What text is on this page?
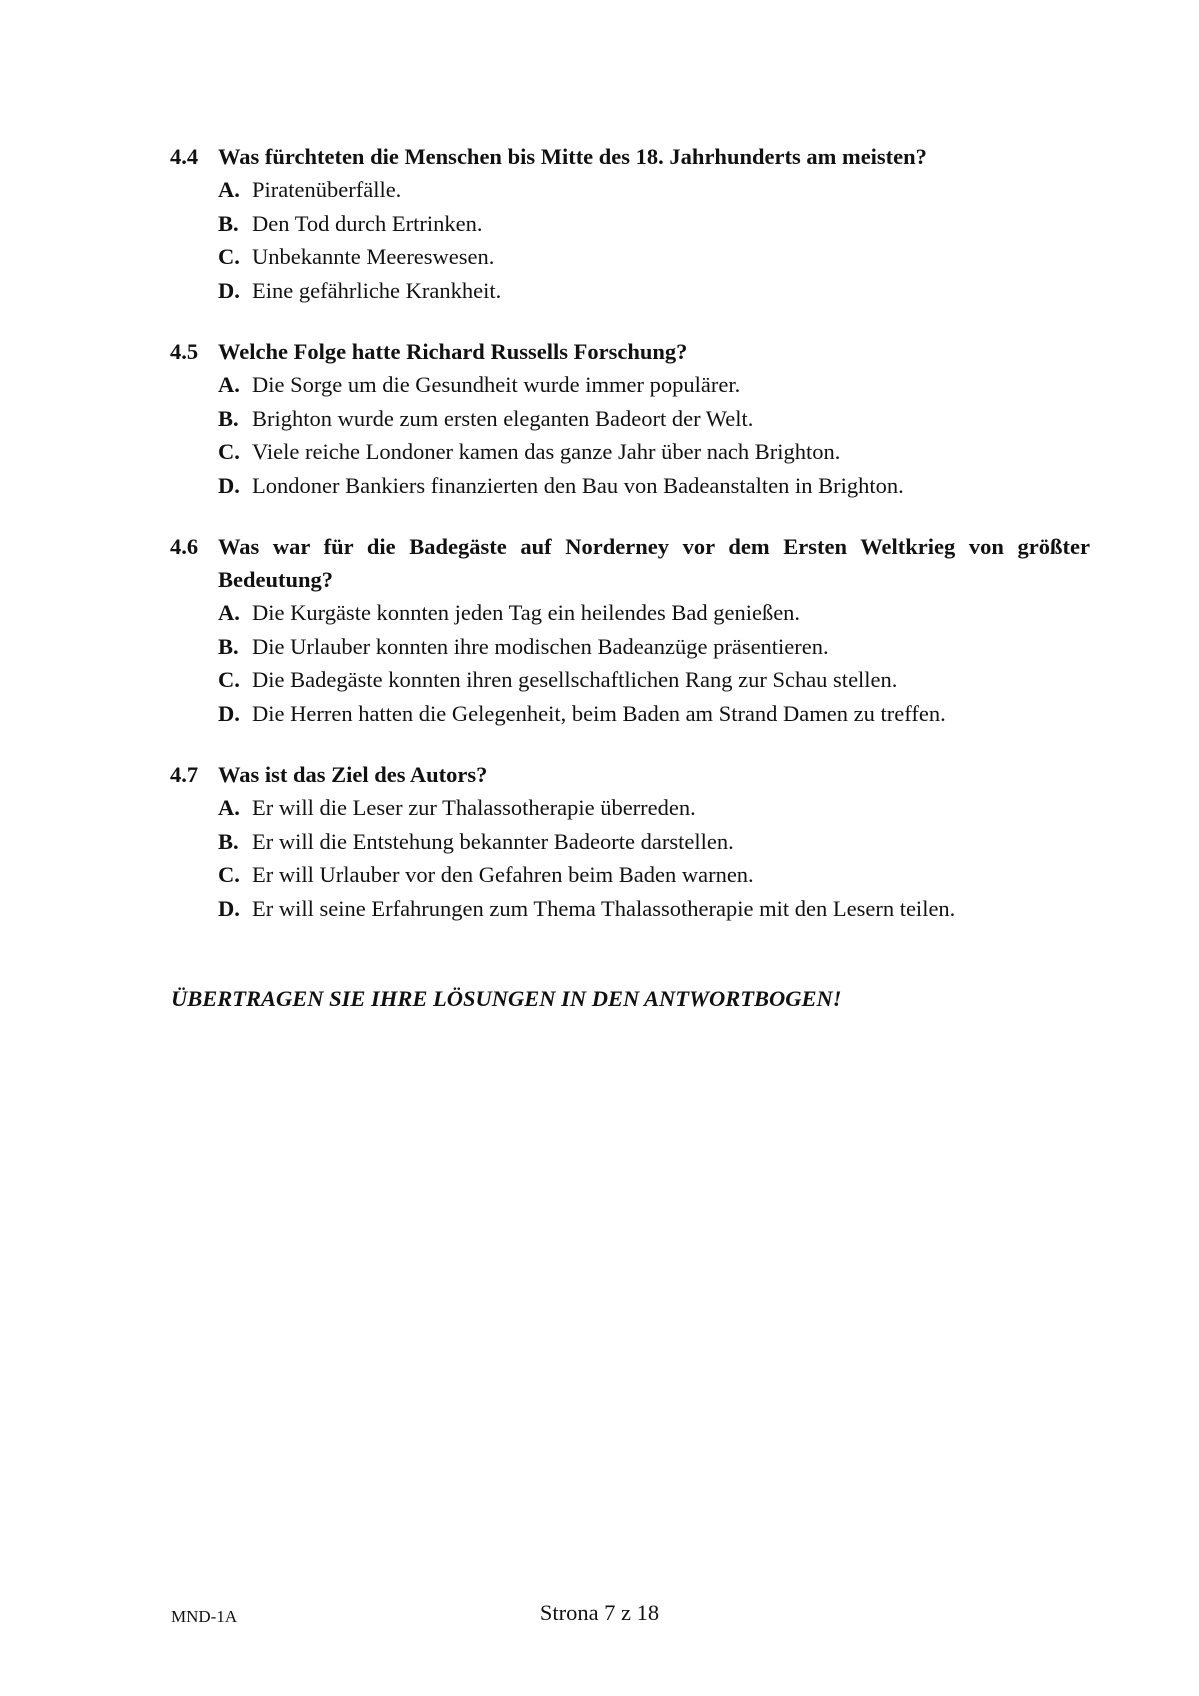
4.4 Was fürchteten die Menschen bis Mitte des 18. Jahrhunderts am meisten?
A. Piratenüberfälle.
B. Den Tod durch Ertrinken.
C. Unbekannte Meereswesen.
D. Eine gefährliche Krankheit.
4.5 Welche Folge hatte Richard Russells Forschung?
A. Die Sorge um die Gesundheit wurde immer populärer.
B. Brighton wurde zum ersten eleganten Badeort der Welt.
C. Viele reiche Londoner kamen das ganze Jahr über nach Brighton.
D. Londoner Bankiers finanzierten den Bau von Badeanstalten in Brighton.
4.6 Was war für die Badegäste auf Norderney vor dem Ersten Weltkrieg von größter Bedeutung?
A. Die Kurgäste konnten jeden Tag ein heilendes Bad genießen.
B. Die Urlauber konnten ihre modischen Badeanzüge präsentieren.
C. Die Badegäste konnten ihren gesellschaftlichen Rang zur Schau stellen.
D. Die Herren hatten die Gelegenheit, beim Baden am Strand Damen zu treffen.
4.7 Was ist das Ziel des Autors?
A. Er will die Leser zur Thalassotherapie überreden.
B. Er will die Entstehung bekannter Badeorte darstellen.
C. Er will Urlauber vor den Gefahren beim Baden warnen.
D. Er will seine Erfahrungen zum Thema Thalassotherapie mit den Lesern teilen.
ÜBERTRAGEN SIE IHRE LÖSUNGEN IN DEN ANTWORTBOGEN!
MND-1A	Strona 7 z 18
